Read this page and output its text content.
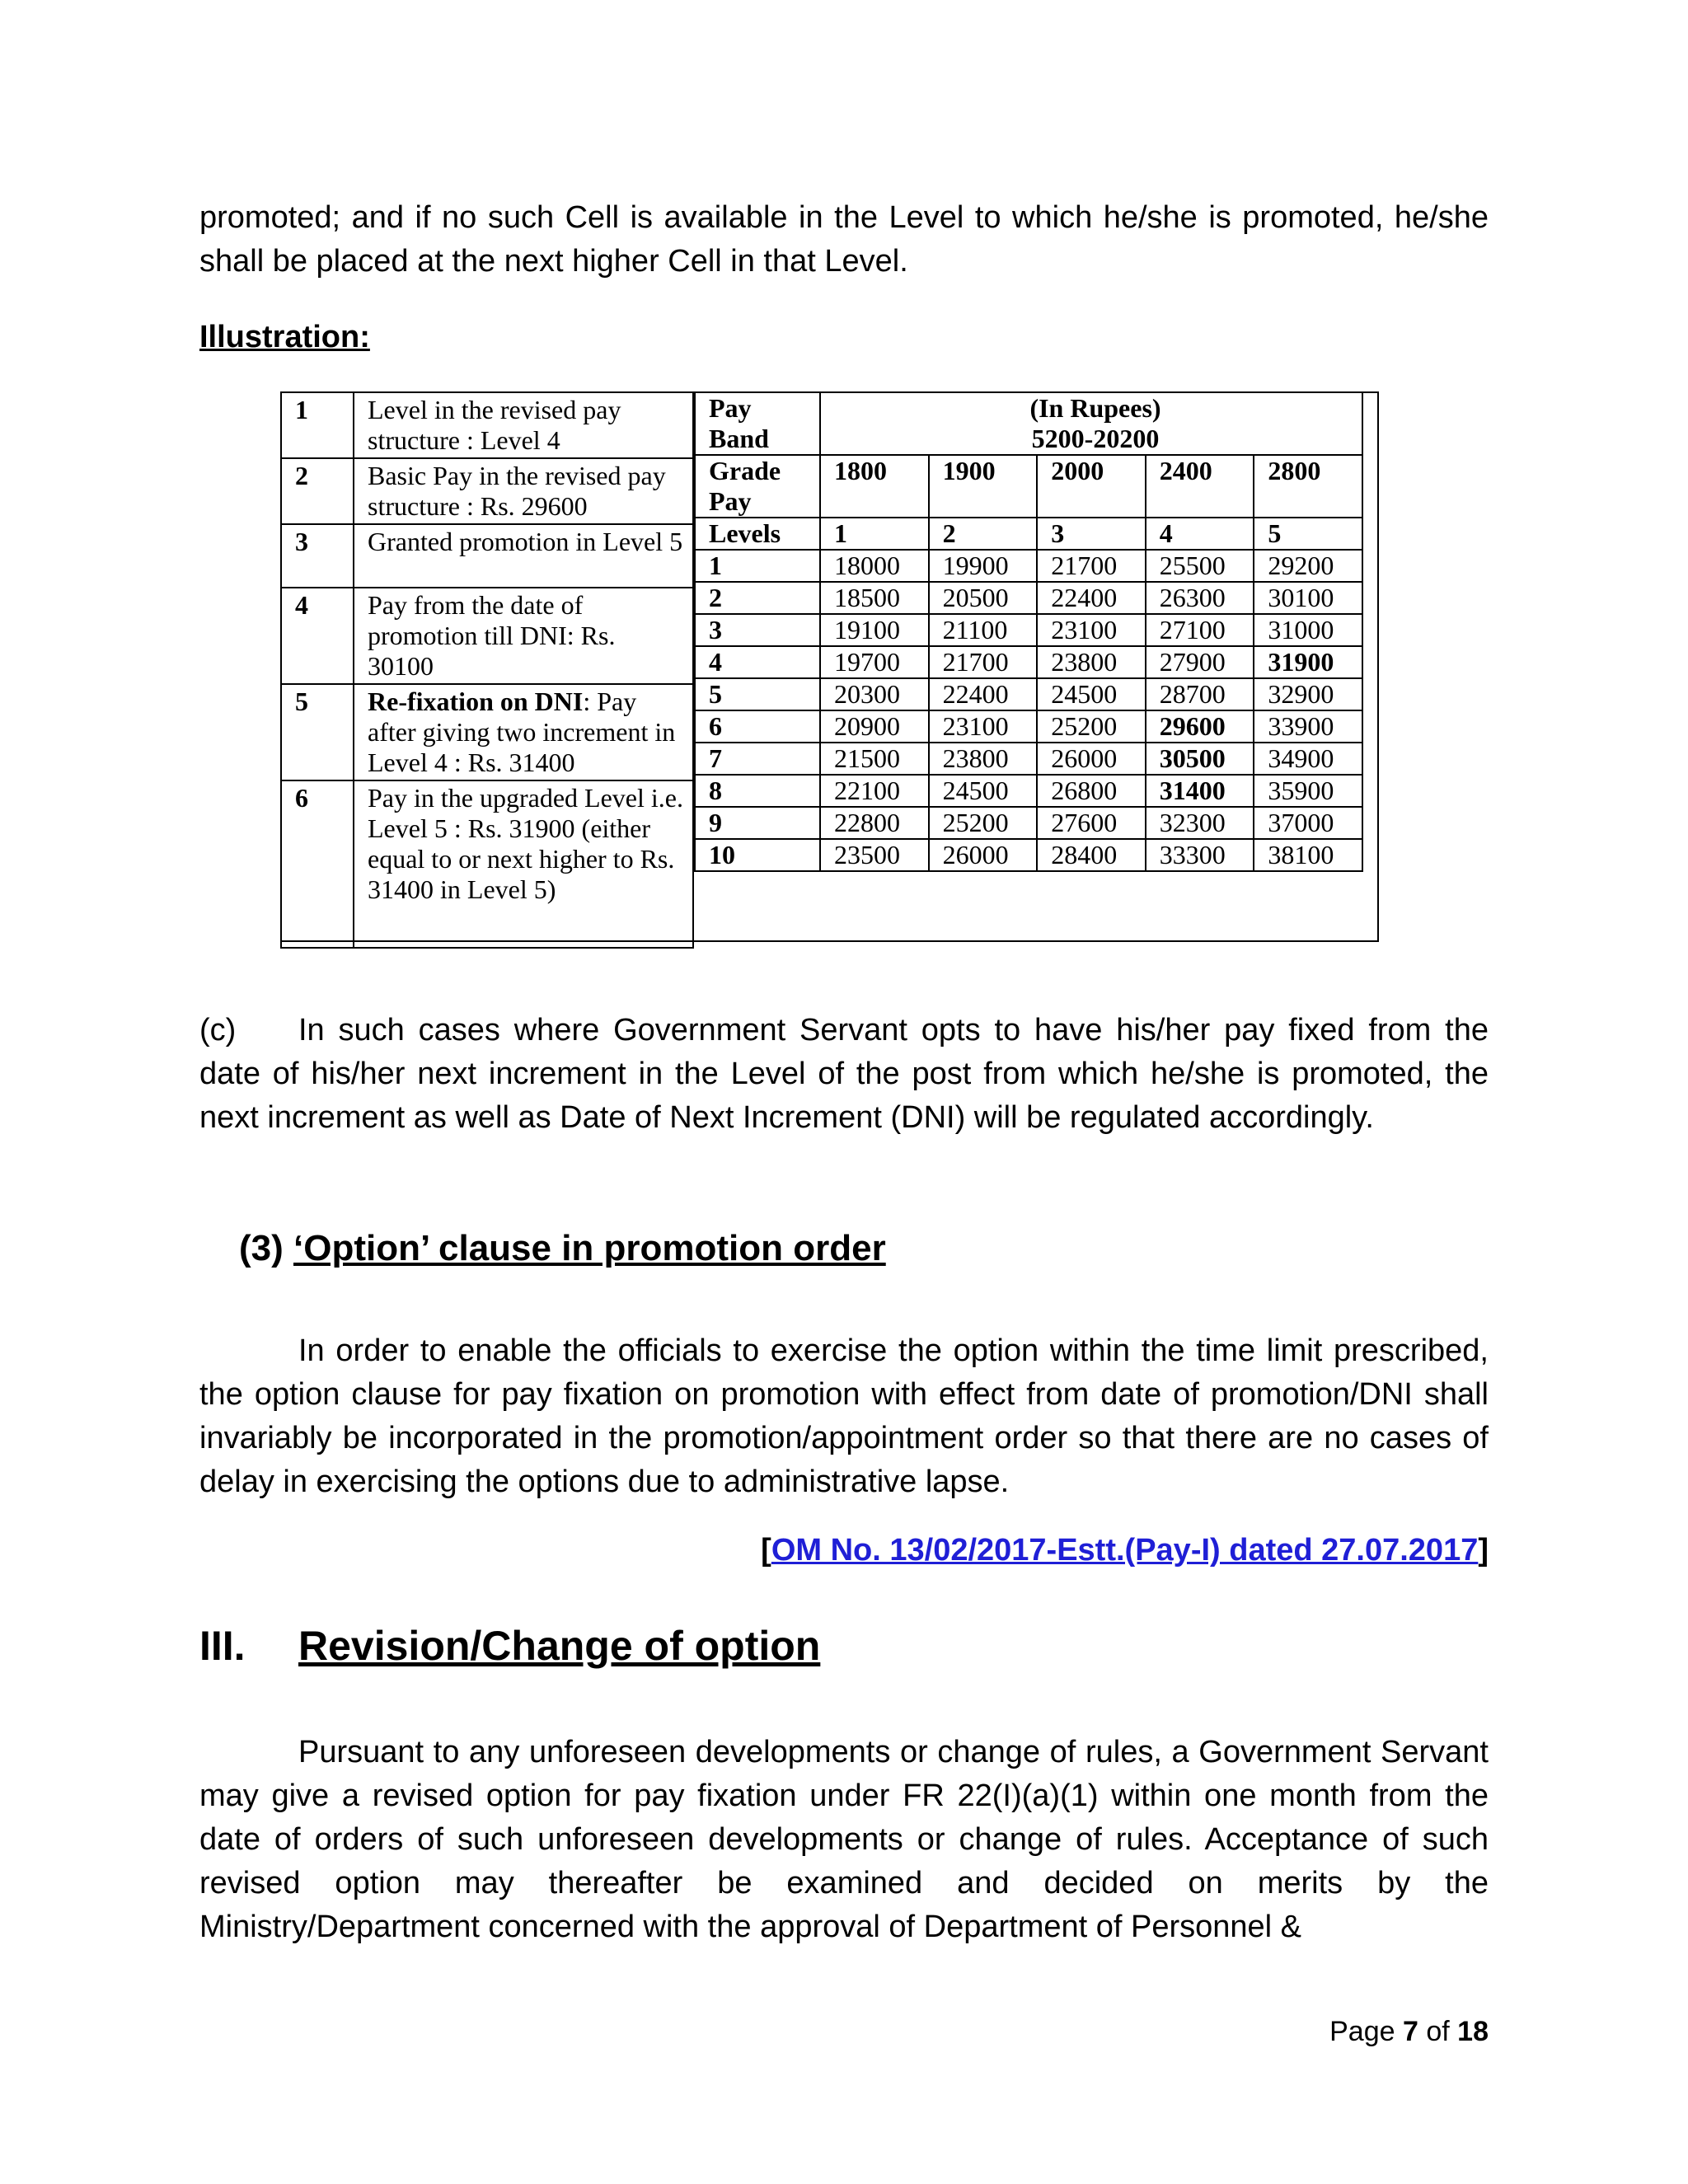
promoted; and if no such Cell is available in the Level to which he/she is promoted, he/she shall be placed at the next higher Cell in that Level.

Illustration:

1	Level in the revised pay structure : Level 4
2	Basic Pay in the revised pay structure : Rs. 29600
3	Granted promotion in Level 5
4	Pay from the date of promotion till DNI: Rs. 30100
5	Re-fixation on DNI: Pay after giving two increment in Level 4 : Rs. 31400
6	Pay in the upgraded Level i.e. Level 5 : Rs. 31900 (either equal to or next higher to Rs. 31400 in Level 5)
Pay Band	(In Rupees)
5200-20200				

Grade Pay	1800	1900	2000	2400	2800
Levels	1	2	3	4	5
1	18000	19900	21700	25500	29200
2	18500	20500	22400	26300	30100
3	19100	21100	23100	27100	31000
4	19700	21700	23800	27900	31900
5	20300	22400	24500	28700	32900
6	20900	23100	25200	29600	33900
7	21500	23800	26000	30500	34900
8	22100	24500	26800	31400	35900
9	22800	25200	27600	32300	37000
10	23500	26000	28400	33300	38100

(c) In such cases where Government Servant opts to have his/her pay fixed from the date of his/her next increment in the Level of the post from which he/she is promoted, the next increment as well as Date of Next Increment (DNI) will be regulated accordingly.

(3) ‘Option’ clause in promotion order

In order to enable the officials to exercise the option within the time limit prescribed, the option clause for pay fixation on promotion with effect from date of promotion/DNI shall invariably be incorporated in the promotion/appointment order so that there are no cases of delay in exercising the options due to administrative lapse.

[OM No. 13/02/2017-Estt.(Pay-I) dated 27.07.2017]

III. Revision/Change of option

Pursuant to any unforeseen developments or change of rules, a Government Servant may give a revised option for pay fixation under FR 22(I)(a)(1) within one month from the date of orders of such unforeseen developments or change of rules. Acceptance of such revised option may thereafter be examined and decided on merits by the Ministry/Department concerned with the approval of Department of Personnel &

Page 7 of 18
